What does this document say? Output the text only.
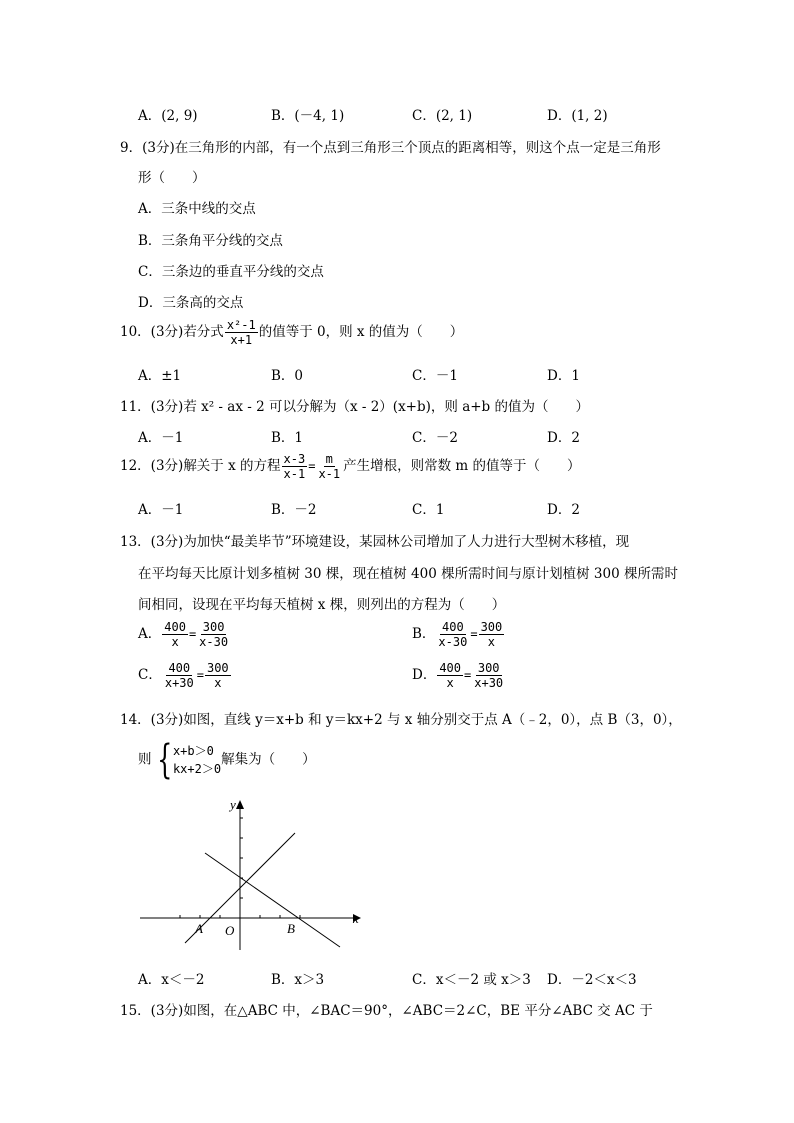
A．(2, 9)	B．(－4, 1)	C．(2, 1)	D．(1, 2)
9．(3分)在三角形的内部，有一个点到三角形三个顶点的距离相等，则这个点一定是三角形
形（　　）
A．三条中线的交点
B．三条角平分线的交点
C．三条边的垂直平分线的交点
D．三条高的交点
10．(3分)若分式 $\frac{\text{x²-1}}{x+1}$ 的值等于 0，则 x 的值为（　　）
A．±1	B．0	C．－1	D．1
11．(3分)若 x² - ax - 2 可以分解为（x - 2）(x+b)，则 a+b 的值为（　　）
A．－1	B．1	C．－2	D．2
12．(3分)解关于 x 的方程 $\frac{x-3}{x-1} = \frac{m}{x-1}$ 产生增根，则常数 m 的值等于（　　）
A．－1	B．－2	C．1	D．2
13．(3分)为加快“最美毕节”环境建设，某园林公司增加了人力进行大型树木移植，现
在平均每天比原计划多植树 30 棵，现在植树 400 棵所需时间与原计划植树 300 棵所需时
间相同，设现在平均每天植树 x 棵，则列出的方程为（　　）
A． $\frac{400}{x} = \frac{300}{x-30}$	B． $\frac{400}{x-30} = \frac{300}{x}$
C． $\frac{400}{x+30} = \frac{300}{x}$	D． $\frac{400}{x} = \frac{300}{x+30}$
14．(3分)如图，直线 y＝x+b 和 y＝kx+2 与 x 轴分别交于点 A（﹣2，0），点 B（3，0），
则 { x+b＞0
kx+2＞0
解集为（　　）
y
x
A O	B
A．x＜－2	B．x＞3	C．x＜－2 或 x＞3 D．－2＜x＜3
15．(3分)如图，在△ABC 中，∠BAC＝90°，∠ABC＝2∠C，BE 平分∠ABC 交 AC 于
